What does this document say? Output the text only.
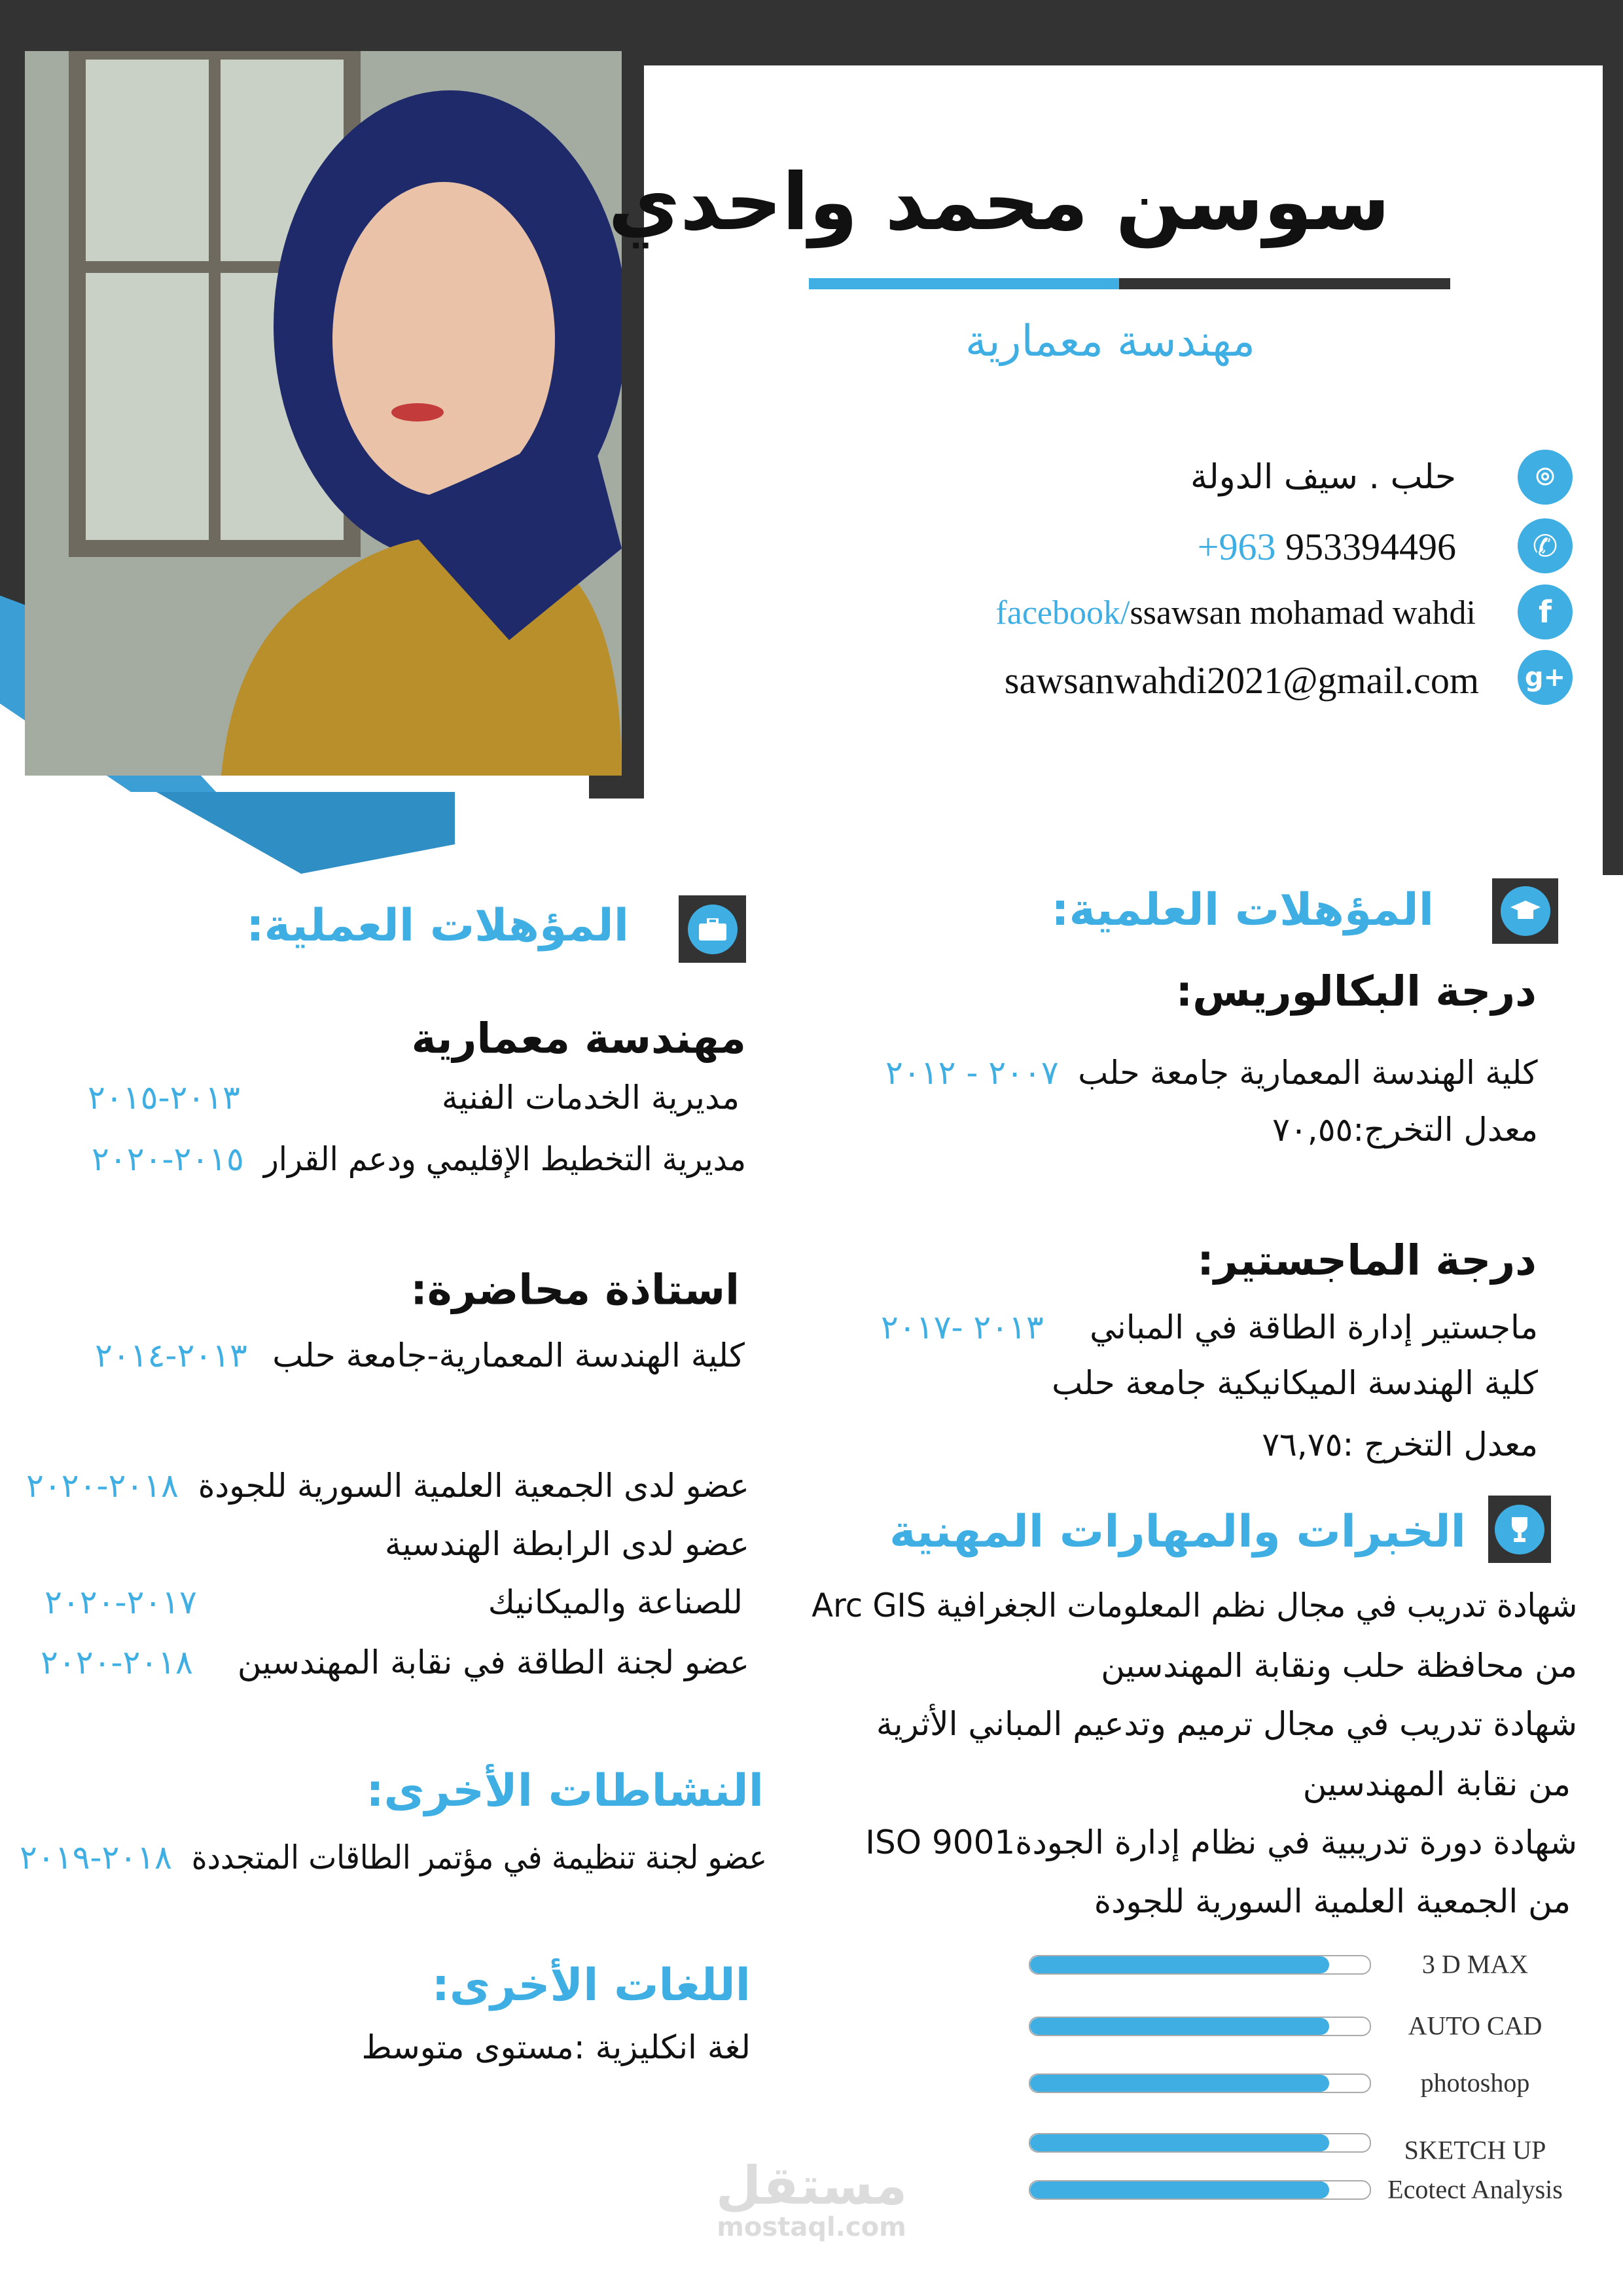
سوسن محمد واحدي
مهندسة معمارية
⌾
حلب . سيف الدولة
✆
+963 953394496
f
facebook/ssawsan mohamad wahdi
g+
sawsanwahdi2021@gmail.com
المؤهلات العلمية:
درجة البكالوريس:
كلية الهندسة المعمارية جامعة حلب
٢٠٠٧ - ٢٠١٢
معدل التخرج:٧٠,٥٥
درجة الماجستير:
ماجستير إدارة الطاقة في المباني
٢٠١٣ -٢٠١٧
كلية الهندسة الميكانيكية جامعة حلب
معدل التخرج :٧٦,٧٥
الخبرات والمهارات المهنية
شهادة تدريب في مجال نظم المعلومات الجغرافية Arc GIS
من محافظة حلب ونقابة المهندسين
شهادة تدريب في مجال ترميم وتدعيم المباني الأثرية
من نقابة المهندسين
شهادة دورة تدريبية في نظام إدارة الجودة9001 ISO
من الجمعية العلمية السورية للجودة
3 D MAX
AUTO CAD
photoshop
SKETCH UP
Ecotect Analysis
المؤهلات العملية:
مهندسة معمارية
مديرية الخدمات الفنية
٢٠١٣-٢٠١٥
مديرية التخطيط الإقليمي ودعم القرار
٢٠١٥-٢٠٢٠
استاذة محاضرة:
كلية الهندسة المعمارية-جامعة حلب
٢٠١٣-٢٠١٤
عضو لدى الجمعية العلمية السورية للجودة
٢٠١٨-٢٠٢٠
عضو لدى الرابطة الهندسية
للصناعة والميكانيك
٢٠١٧-٢٠٢٠
عضو لجنة الطاقة في نقابة المهندسين
٢٠١٨-٢٠٢٠
النشاطات الأخرى:
عضو لجنة تنظيمة في مؤتمر الطاقات المتجددة
٢٠١٨-٢٠١٩
اللغات الأخرى:
لغة انكليزية :مستوى متوسط
مستقل
mostaql.com
